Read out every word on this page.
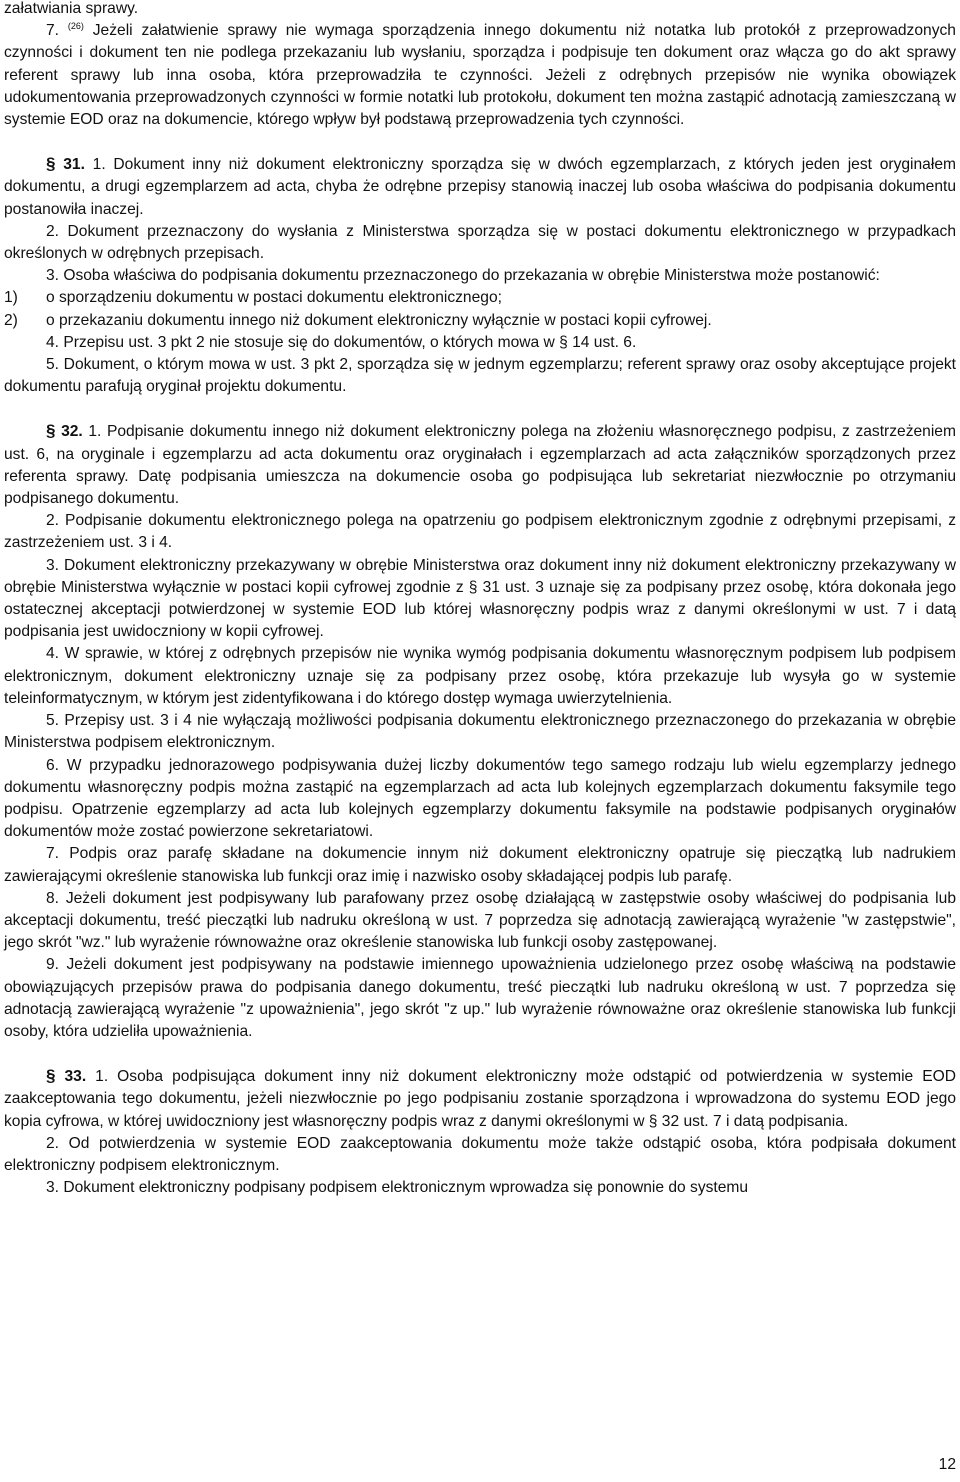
załatwiania sprawy.

7. $^{(26)}$ Jeżeli załatwienie sprawy nie wymaga sporządzenia innego dokumentu niż notatka lub protokół z przeprowadzonych czynności i dokument ten nie podlega przekazaniu lub wysłaniu, sporządza i podpisuje ten dokument oraz włącza go do akt sprawy referent sprawy lub inna osoba, która przeprowadziła te czynności. Jeżeli z odrębnych przepisów nie wynika obowiązek udokumentowania przeprowadzonych czynności w formie notatki lub protokołu, dokument ten można zastąpić adnotacją zamieszczaną w systemie EOD oraz na dokumencie, którego wpływ był podstawą przeprowadzenia tych czynności.

§ 31. 1. Dokument inny niż dokument elektroniczny sporządza się w dwóch egzemplarzach, z których jeden jest oryginałem dokumentu, a drugi egzemplarzem ad acta, chyba że odrębne przepisy stanowią inaczej lub osoba właściwa do podpisania dokumentu postanowiła inaczej.

2. Dokument przeznaczony do wysłania z Ministerstwa sporządza się w postaci dokumentu elektronicznego w przypadkach określonych w odrębnych przepisach.

3. Osoba właściwa do podpisania dokumentu przeznaczonego do przekazania w obrębie Ministerstwa może postanowić:

1)	o sporządzeniu dokumentu w postaci dokumentu elektronicznego;
2)	o przekazaniu dokumentu innego niż dokument elektroniczny wyłącznie w postaci kopii cyfrowej.

4. Przepisu ust. 3 pkt 2 nie stosuje się do dokumentów, o których mowa w § 14 ust. 6.

5. Dokument, o którym mowa w ust. 3 pkt 2, sporządza się w jednym egzemplarzu; referent sprawy oraz osoby akceptujące projekt dokumentu parafują oryginał projektu dokumentu.

§ 32. 1. Podpisanie dokumentu innego niż dokument elektroniczny polega na złożeniu własnoręcznego podpisu, z zastrzeżeniem ust. 6, na oryginale i egzemplarzu ad acta dokumentu oraz oryginałach i egzemplarzach ad acta załączników sporządzonych przez referenta sprawy. Datę podpisania umieszcza na dokumencie osoba go podpisująca lub sekretariat niezwłocznie po otrzymaniu podpisanego dokumentu.

2. Podpisanie dokumentu elektronicznego polega na opatrzeniu go podpisem elektronicznym zgodnie z odrębnymi przepisami, z zastrzeżeniem ust. 3 i 4.

3. Dokument elektroniczny przekazywany w obrębie Ministerstwa oraz dokument inny niż dokument elektroniczny przekazywany w obrębie Ministerstwa wyłącznie w postaci kopii cyfrowej zgodnie z § 31 ust. 3 uznaje się za podpisany przez osobę, która dokonała jego ostatecznej akceptacji potwierdzonej w systemie EOD lub której własnoręczny podpis wraz z danymi określonymi w ust. 7 i datą podpisania jest uwidoczniony w kopii cyfrowej.

4. W sprawie, w której z odrębnych przepisów nie wynika wymóg podpisania dokumentu własnoręcznym podpisem lub podpisem elektronicznym, dokument elektroniczny uznaje się za podpisany przez osobę, która przekazuje lub wysyła go w systemie teleinformatycznym, w którym jest zidentyfikowana i do którego dostęp wymaga uwierzytelnienia.

5. Przepisy ust. 3 i 4 nie wyłączają możliwości podpisania dokumentu elektronicznego przeznaczonego do przekazania w obrębie Ministerstwa podpisem elektronicznym.

6. W przypadku jednorazowego podpisywania dużej liczby dokumentów tego samego rodzaju lub wielu egzemplarzy jednego dokumentu własnoręczny podpis można zastąpić na egzemplarzach ad acta lub kolejnych egzemplarzach dokumentu faksymile tego podpisu. Opatrzenie egzemplarzy ad acta lub kolejnych egzemplarzy dokumentu faksymile na podstawie podpisanych oryginałów dokumentów może zostać powierzone sekretariatowi.

7. Podpis oraz parafę składane na dokumencie innym niż dokument elektroniczny opatruje się pieczątką lub nadrukiem zawierającymi określenie stanowiska lub funkcji oraz imię i nazwisko osoby składającej podpis lub parafę.

8. Jeżeli dokument jest podpisywany lub parafowany przez osobę działającą w zastępstwie osoby właściwej do podpisania lub akceptacji dokumentu, treść pieczątki lub nadruku określoną w ust. 7 poprzedza się adnotacją zawierającą wyrażenie "w zastępstwie", jego skrót "wz." lub wyrażenie równoważne oraz określenie stanowiska lub funkcji osoby zastępowanej.

9. Jeżeli dokument jest podpisywany na podstawie imiennego upoważnienia udzielonego przez osobę właściwą na podstawie obowiązujących przepisów prawa do podpisania danego dokumentu, treść pieczątki lub nadruku określoną w ust. 7 poprzedza się adnotacją zawierającą wyrażenie "z upoważnienia", jego skrót "z up." lub wyrażenie równoważne oraz określenie stanowiska lub funkcji osoby, która udzieliła upoważnienia.

§ 33. 1. Osoba podpisująca dokument inny niż dokument elektroniczny może odstąpić od potwierdzenia w systemie EOD zaakceptowania tego dokumentu, jeżeli niezwłocznie po jego podpisaniu zostanie sporządzona i wprowadzona do systemu EOD jego kopia cyfrowa, w której uwidoczniony jest własnoręczny podpis wraz z danymi określonymi w § 32 ust. 7 i datą podpisania.

2. Od potwierdzenia w systemie EOD zaakceptowania dokumentu może także odstąpić osoba, która podpisała dokument elektroniczny podpisem elektronicznym.

3. Dokument elektroniczny podpisany podpisem elektronicznym wprowadza się ponownie do systemu

12
